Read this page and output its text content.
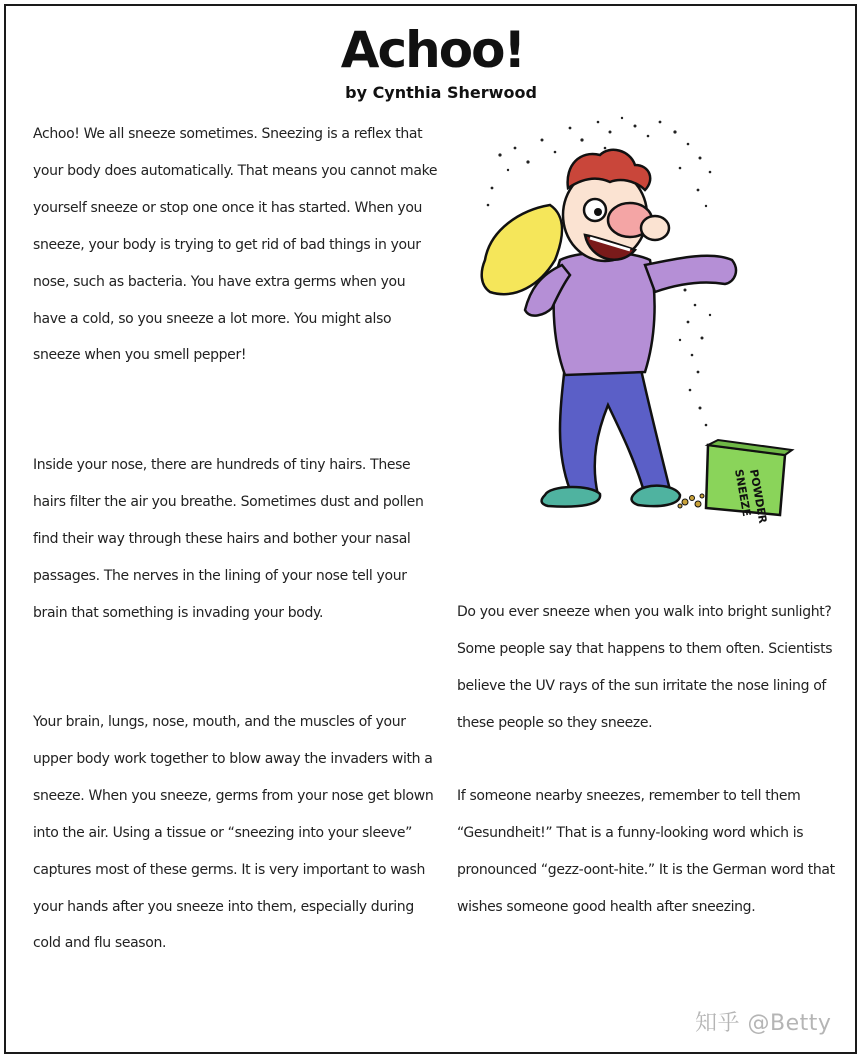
Achoo!
by Cynthia Sherwood

Achoo! We all sneeze sometimes. Sneezing is a reflex that your body does automatically. That means you cannot make yourself sneeze or stop one once it has started. When you sneeze, your body is trying to get rid of bad things in your nose, such as bacteria. You have extra germs when you have a cold, so you sneeze a lot more. You might also sneeze when you smell pepper!

Inside your nose, there are hundreds of tiny hairs. These hairs filter the air you breathe. Sometimes dust and pollen find their way through these hairs and bother your nasal passages. The nerves in the lining of your nose tell your brain that something is invading your body.

Your brain, lungs, nose, mouth, and the muscles of your upper body work together to blow away the invaders with a sneeze. When you sneeze, germs from your nose get blown into the air. Using a tissue or “sneezing into your sleeve” captures most of these germs. It is very important to wash your hands after you sneeze into them, especially during cold and flu season.

Do you ever sneeze when you walk into bright sunlight? Some people say that happens to them often. Scientists believe the UV rays of the sun irritate the nose lining of these people so they sneeze.

If someone nearby sneezes, remember to tell them “Gesundheit!” That is a funny-looking word which is pronounced “gezz-oont-hite.” It is the German word that wishes someone good health after sneezing.

SNEEZE
POWDER
知乎 @Betty
